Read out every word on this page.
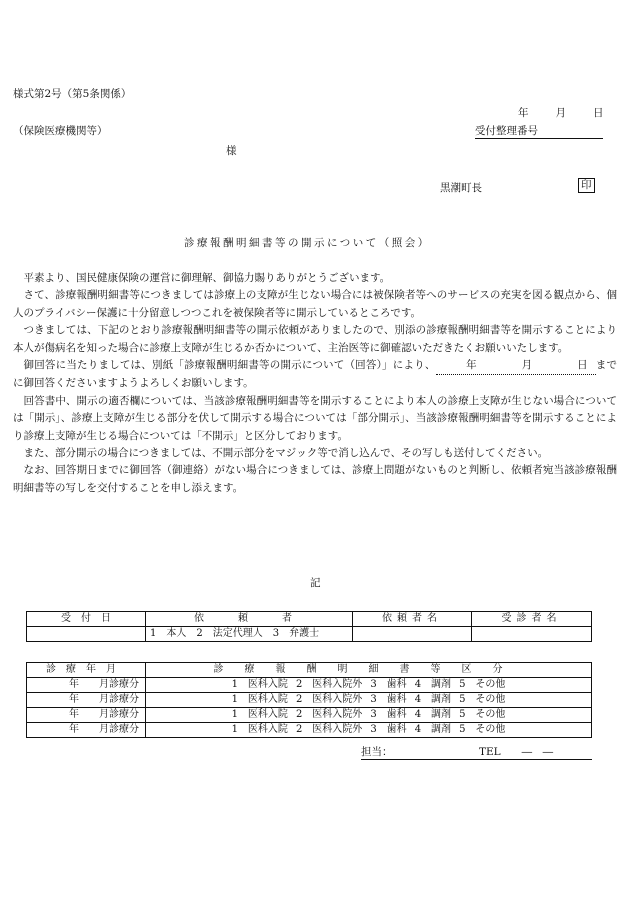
様式第2号（第5条関係）
年　　月　　日
（保険医療機関等）	受付整理番号
様
黒潮町長	印
診療報酬明細書等の開示について（照会）

平素より、国民健康保険の運営に御理解、御協力賜りありがとうございます。

さて、診療報酬明細書等につきましては診療上の支障が生じない場合には被保険者等へのサービスの充実を図る観点から、個人のプライバシー保護に十分留意しつつこれを被保険者等に開示しているところです。

つきましては、下記のとおり診療報酬明細書等の開示依頼がありましたので、別添の診療報酬明細書等を開示することにより本人が傷病名を知った場合に診療上支障が生じるか否かについて、主治医等に御確認いただきたくお願いいたします。

御回答に当たりましては、別紙「診療報酬明細書等の開示について（回答）」により、	年　　月　　日までに御回答くださいますようよろしくお願いします。

回答書中、開示の適否欄については、当該診療報酬明細書等を開示することにより本人の診療上支障が生じない場合については「開示」、診療上支障が生じる部分を伏して開示する場合については「部分開示」、当該診療報酬明細書等を開示することにより診療上支障が生じる場合については「不開示」と区分しております。

また、部分開示の場合につきましては、不開示部分をマジック等で消し込んで、その写しも送付してください。

なお、回答期日までに御回答（御連絡）がない場合につきましては、診療上問題がないものと判断し、依頼者宛当該診療報酬明細書等の写しを交付することを申し添えます。

記
受　付　日	依　頼　者	依頼者名	受診者名
	1　本人　2　法定代理人　3　弁護士		
診療年月	診療報酬明細書等区分
年　　月診療分	1　医科入院 2　医科入院外 3　歯科 4　調剤 5　その他
年　　月診療分	1　医科入院 2　医科入院外 3　歯科 4　調剤 5　その他
年　　月診療分	1　医科入院 2　医科入院外 3　歯科 4　調剤 5　その他
年　　月診療分	1　医科入院 2　医科入院外 3　歯科 4　調剤 5　その他
担当：	TEL　　―　―
